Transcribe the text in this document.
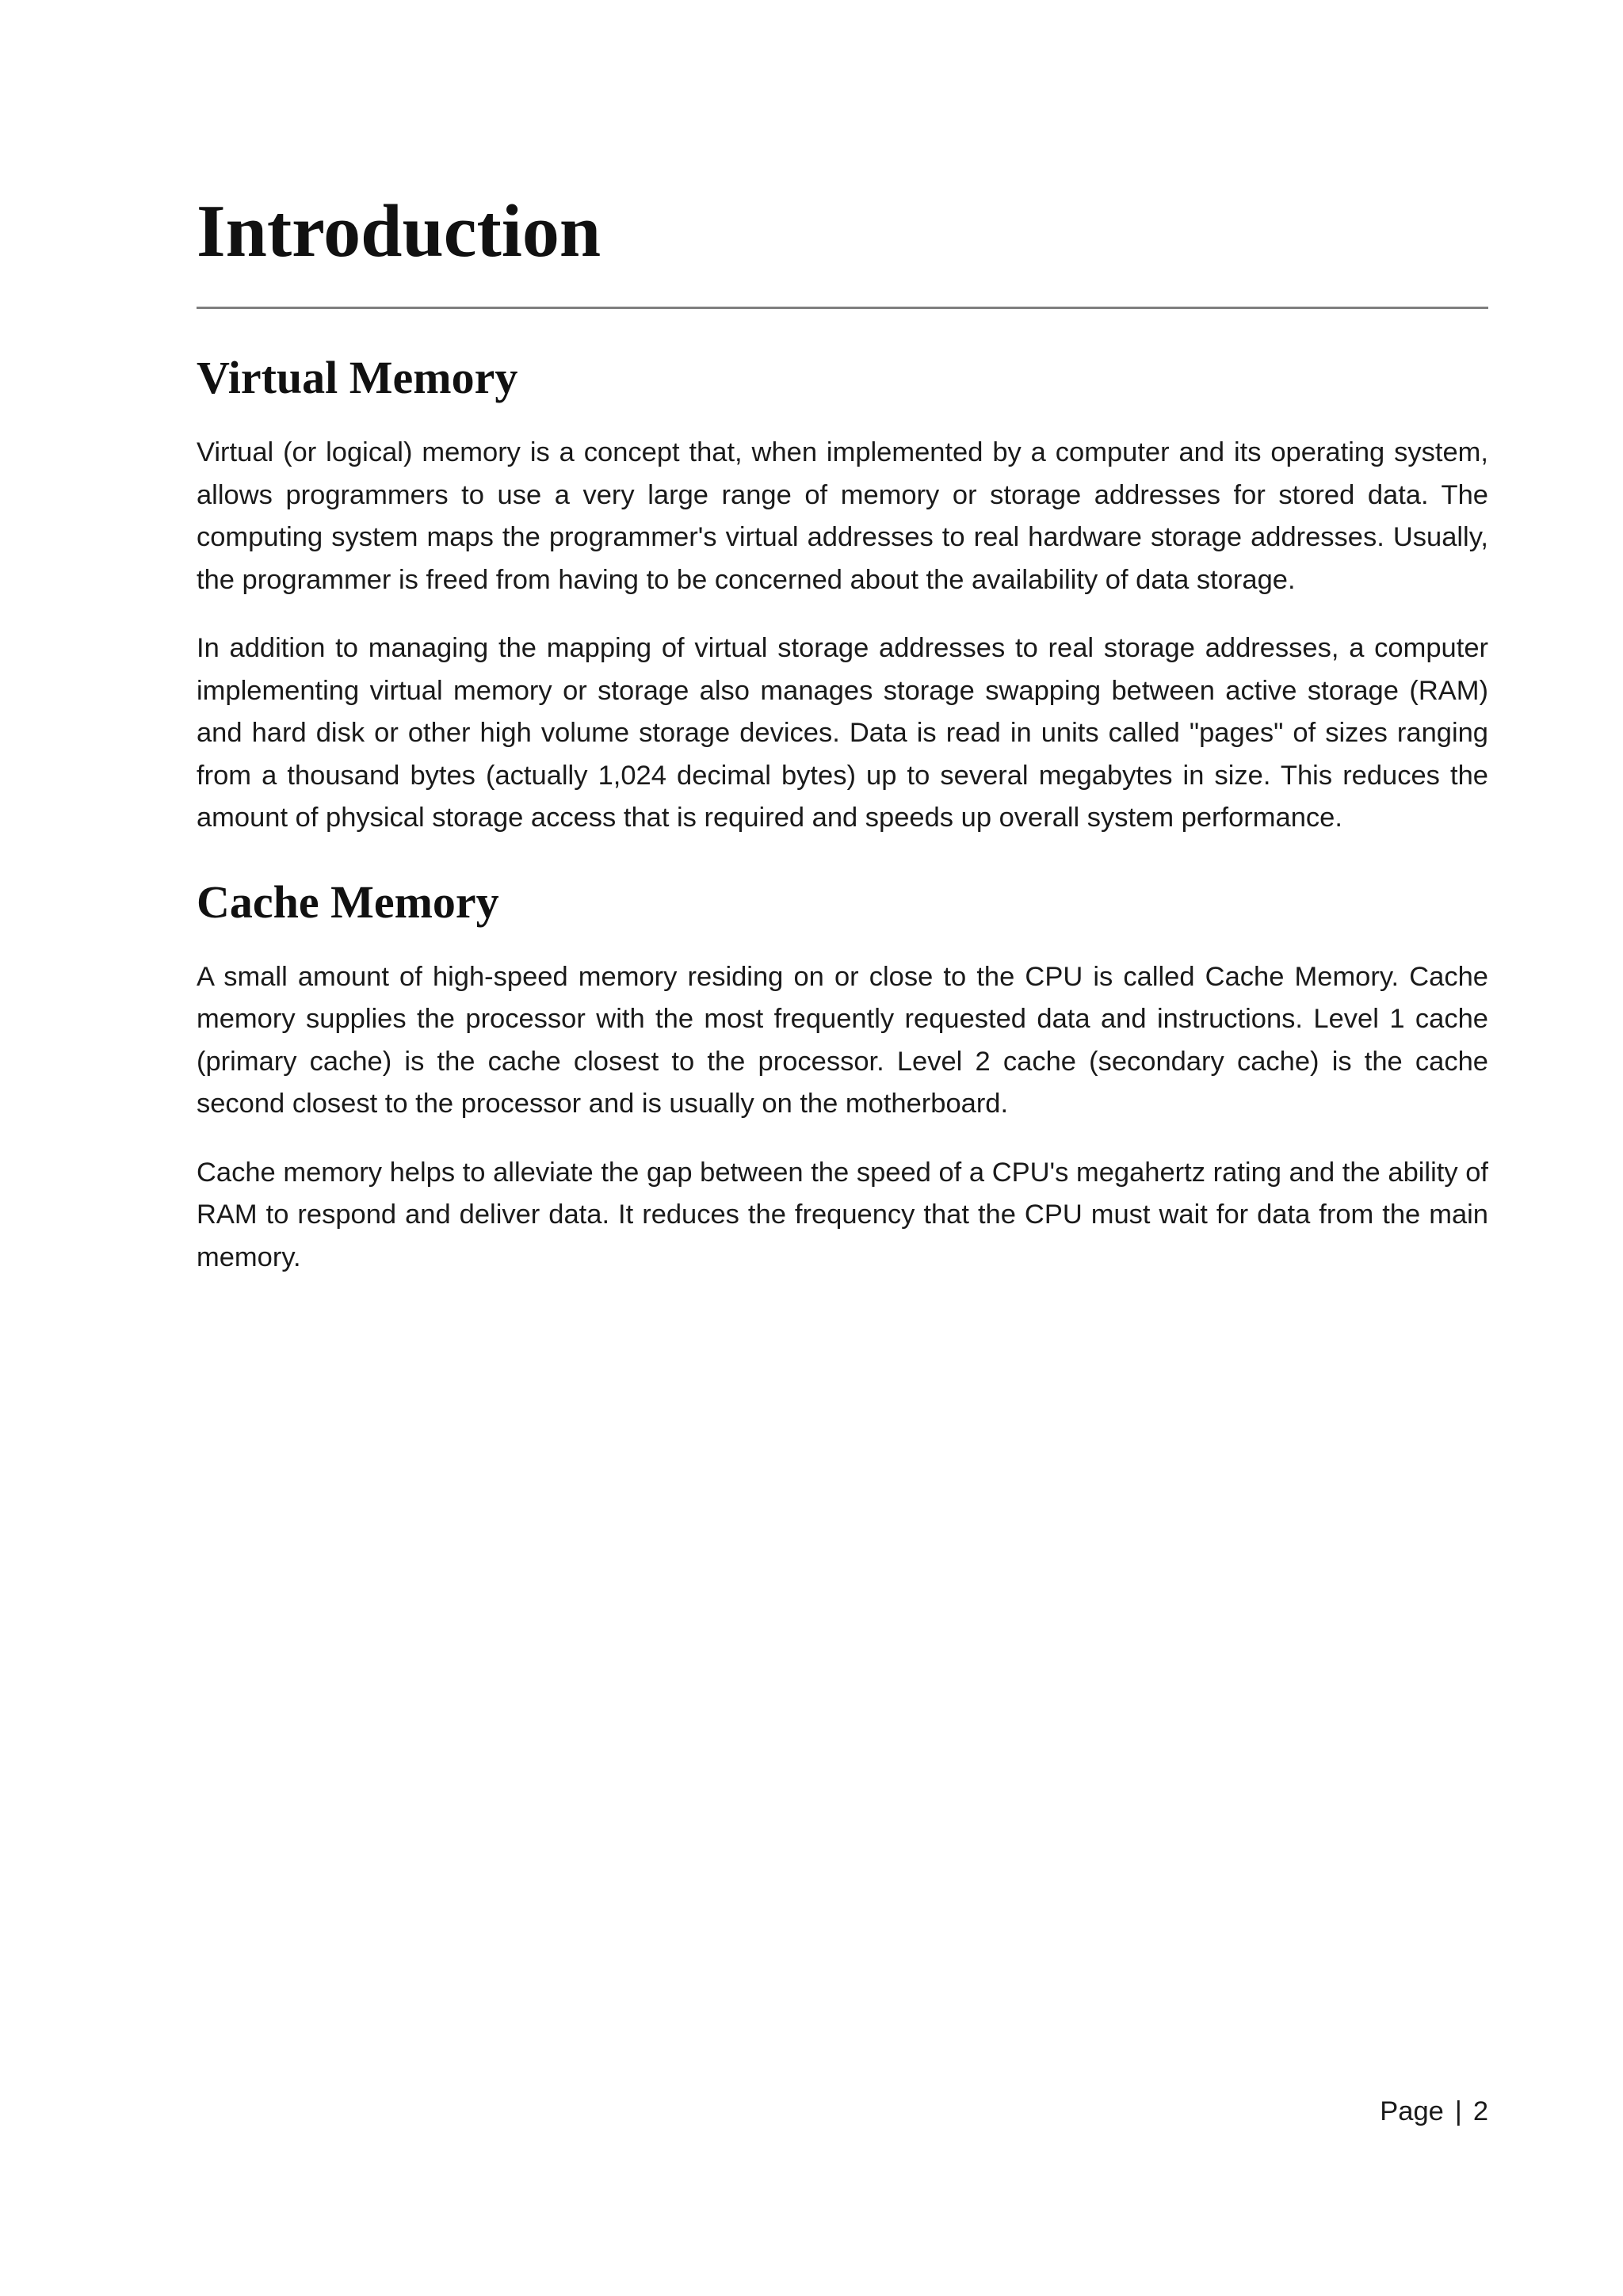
Introduction
Virtual Memory

Virtual (or logical) memory is a concept that, when implemented by a computer and its operating system, allows programmers to use a very large range of memory or storage addresses for stored data. The computing system maps the programmer's virtual addresses to real hardware storage addresses. Usually, the programmer is freed from having to be concerned about the availability of data storage.

In addition to managing the mapping of virtual storage addresses to real storage addresses, a computer implementing virtual memory or storage also manages storage swapping between active storage (RAM) and hard disk or other high volume storage devices. Data is read in units called "pages" of sizes ranging from a thousand bytes (actually 1,024 decimal bytes) up to several megabytes in size. This reduces the amount of physical storage access that is required and speeds up overall system performance.

Cache Memory

A small amount of high-speed memory residing on or close to the CPU is called Cache Memory. Cache memory supplies the processor with the most frequently requested data and instructions. Level 1 cache (primary cache) is the cache closest to the processor. Level 2 cache (secondary cache) is the cache second closest to the processor and is usually on the motherboard.

Cache memory helps to alleviate the gap between the speed of a CPU's megahertz rating and the ability of RAM to respond and deliver data. It reduces the frequency that the CPU must wait for data from the main memory.

Page | 2
